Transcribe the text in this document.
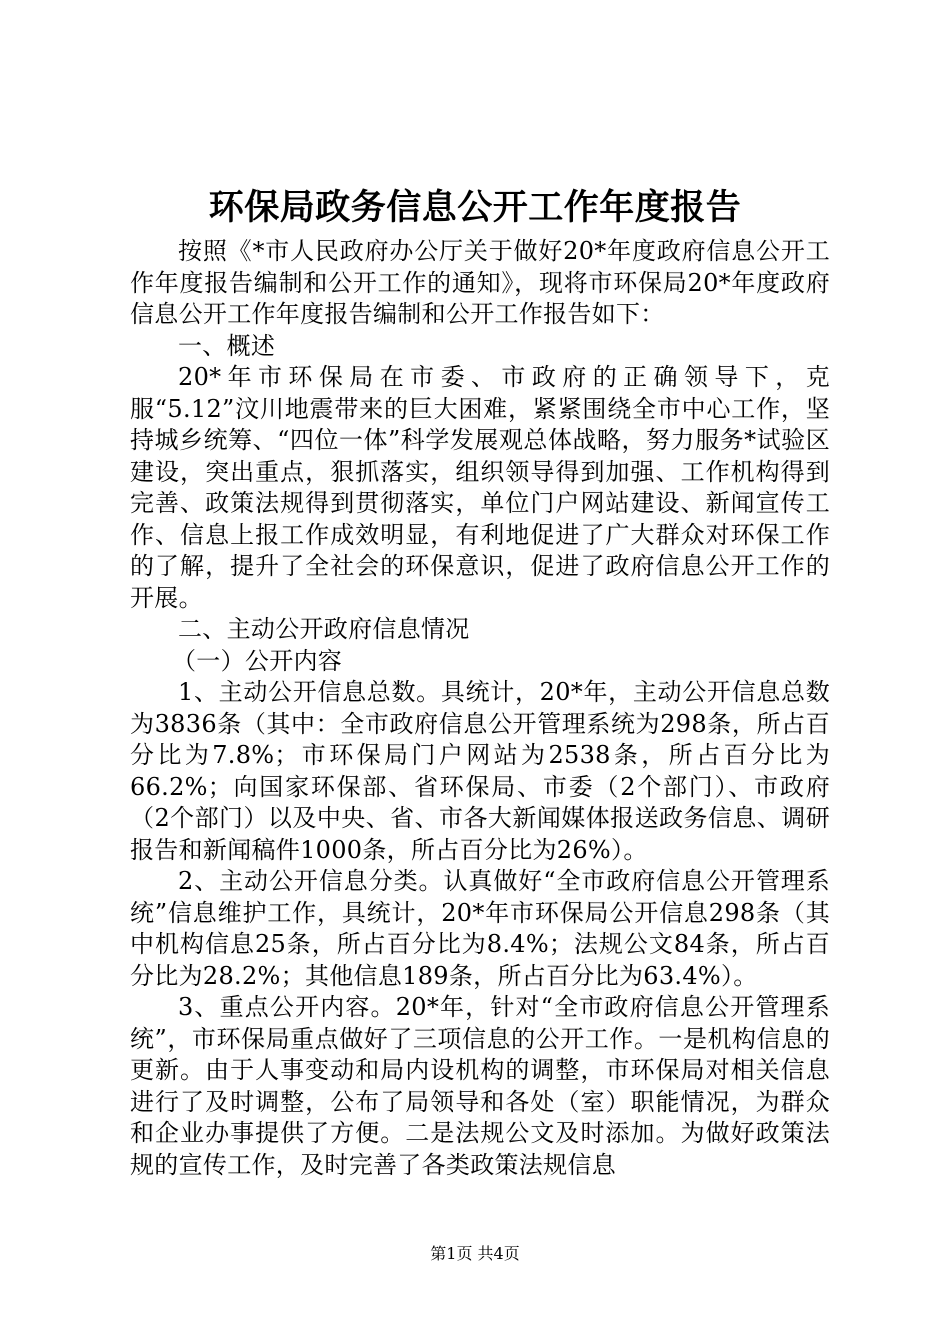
环保局政务信息公开工作年度报告

按照《*市人民政府办公厅关于做好20*年度政府信息公开工作年度报告编制和公开工作的通知》，现将市环保局20*年度政府信息公开工作年度报告编制和公开工作报告如下：

一、概述

20*年市环保局在市委、市政府的正确领导下，克服“5.12”汶川地震带来的巨大困难，紧紧围绕全市中心工作，坚持城乡统筹、“四位一体”科学发展观总体战略，努力服务*试验区建设，突出重点，狠抓落实，组织领导得到加强、工作机构得到完善、政策法规得到贯彻落实，单位门户网站建设、新闻宣传工作、信息上报工作成效明显，有利地促进了广大群众对环保工作的了解，提升了全社会的环保意识，促进了政府信息公开工作的开展。

二、主动公开政府信息情况

（一）公开内容

1、主动公开信息总数。具统计，20*年，主动公开信息总数为3836条（其中：全市政府信息公开管理系统为298条，所占百分比为7.8%；市环保局门户网站为2538条，所占百分比为66.2%；向国家环保部、省环保局、市委（2个部门）、市政府（2个部门）以及中央、省、市各大新闻媒体报送政务信息、调研报告和新闻稿件1000条，所占百分比为26%）。

2、主动公开信息分类。认真做好“全市政府信息公开管理系统”信息维护工作，具统计，20*年市环保局公开信息298条（其中机构信息25条，所占百分比为8.4%；法规公文84条，所占百分比为28.2%；其他信息189条，所占百分比为63.4%）。

3、重点公开内容。20*年，针对“全市政府信息公开管理系统”，市环保局重点做好了三项信息的公开工作。一是机构信息的更新。由于人事变动和局内设机构的调整，市环保局对相关信息进行了及时调整，公布了局领导和各处（室）职能情况，为群众和企业办事提供了方便。二是法规公文及时添加。为做好政策法规的宣传工作，及时完善了各类政策法规信息

第1页 共4页
